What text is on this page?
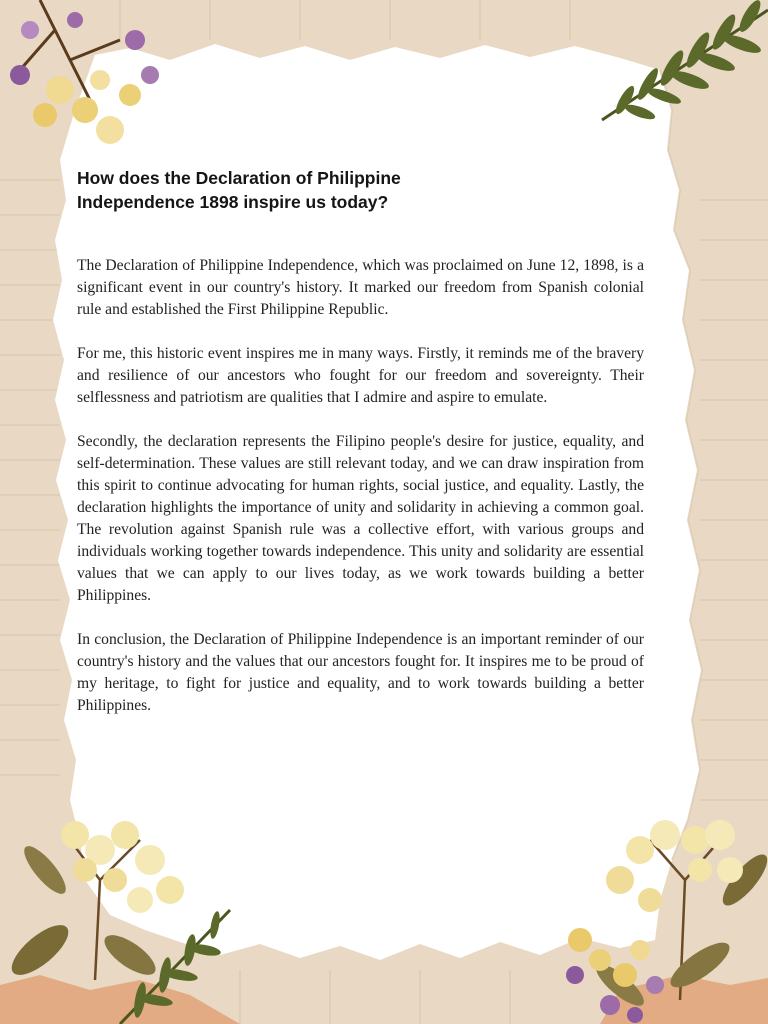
How does the Declaration of Philippine Independence 1898 inspire us today?

The Declaration of Philippine Independence, which was proclaimed on June 12, 1898, is a significant event in our country's history. It marked our freedom from Spanish colonial rule and established the First Philippine Republic.

For me, this historic event inspires me in many ways. Firstly, it reminds me of the bravery and resilience of our ancestors who fought for our freedom and sovereignty. Their selflessness and patriotism are qualities that I admire and aspire to emulate.

Secondly, the declaration represents the Filipino people's desire for justice, equality, and self-determination. These values are still relevant today, and we can draw inspiration from this spirit to continue advocating for human rights, social justice, and equality. Lastly, the declaration highlights the importance of unity and solidarity in achieving a common goal. The revolution against Spanish rule was a collective effort, with various groups and individuals working together towards independence. This unity and solidarity are essential values that we can apply to our lives today, as we work towards building a better Philippines.

In conclusion, the Declaration of Philippine Independence is an important reminder of our country's history and the values that our ancestors fought for. It inspires me to be proud of my heritage, to fight for justice and equality, and to work towards building a better Philippines.
